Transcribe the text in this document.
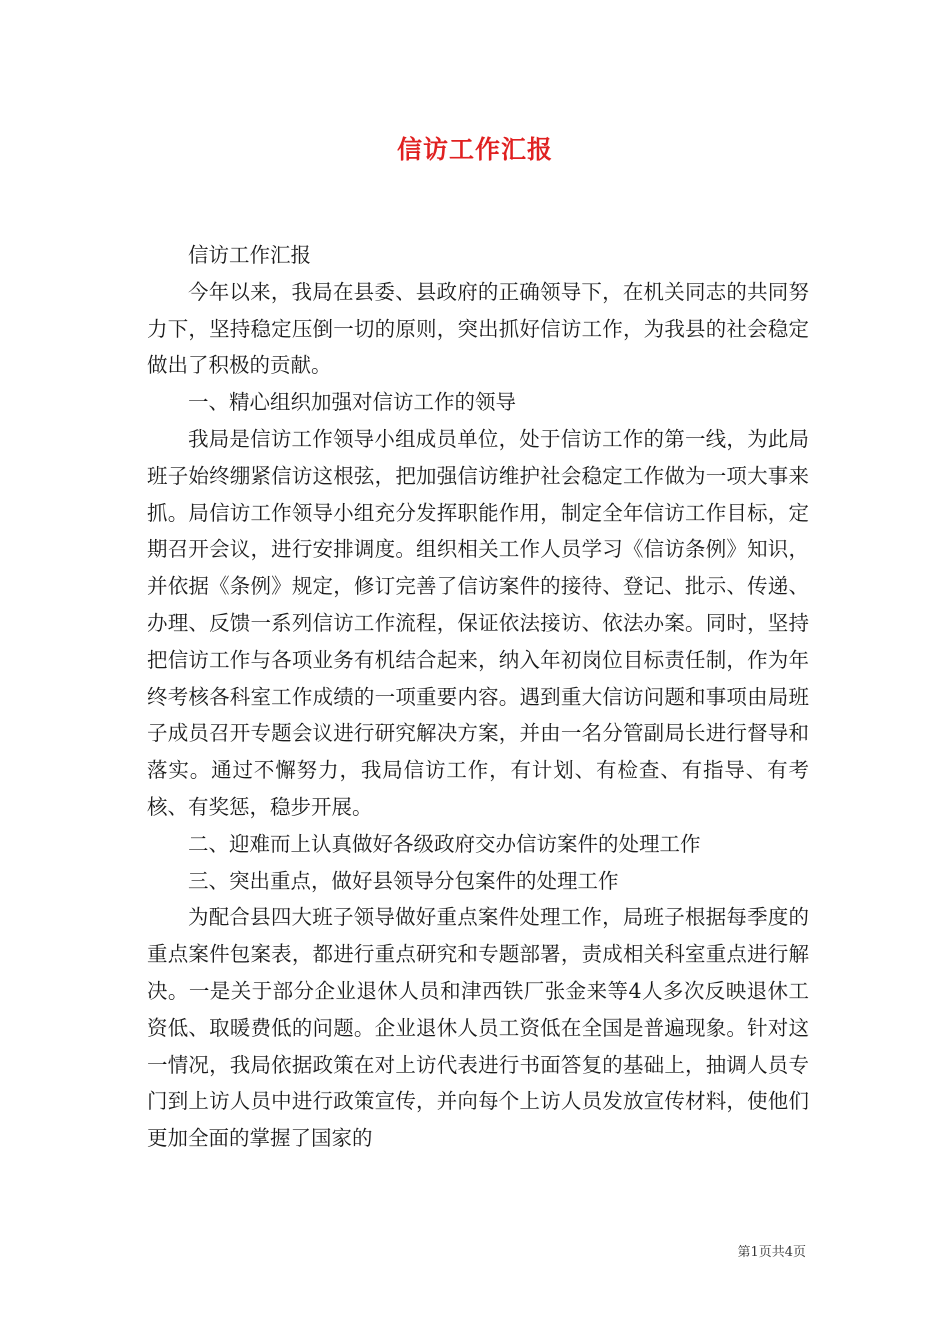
信访工作汇报

信访工作汇报

今年以来，我局在县委、县政府的正确领导下，在机关同志的共同努力下，坚持稳定压倒一切的原则，突出抓好信访工作，为我县的社会稳定做出了积极的贡献。

一、精心组织加强对信访工作的领导

我局是信访工作领导小组成员单位，处于信访工作的第一线，为此局班子始终绷紧信访这根弦，把加强信访维护社会稳定工作做为一项大事来抓。局信访工作领导小组充分发挥职能作用，制定全年信访工作目标，定期召开会议，进行安排调度。组织相关工作人员学习《信访条例》知识，并依据《条例》规定，修订完善了信访案件的接待、登记、批示、传递、办理、反馈一系列信访工作流程，保证依法接访、依法办案。同时，坚持把信访工作与各项业务有机结合起来，纳入年初岗位目标责任制，作为年终考核各科室工作成绩的一项重要内容。遇到重大信访问题和事项由局班子成员召开专题会议进行研究解决方案，并由一名分管副局长进行督导和落实。通过不懈努力，我局信访工作，有计划、有检查、有指导、有考核、有奖惩，稳步开展。

二、迎难而上认真做好各级政府交办信访案件的处理工作

三、突出重点，做好县领导分包案件的处理工作

为配合县四大班子领导做好重点案件处理工作，局班子根据每季度的重点案件包案表，都进行重点研究和专题部署，责成相关科室重点进行解决。一是关于部分企业退休人员和津西铁厂张金来等4人多次反映退休工资低、取暖费低的问题。企业退休人员工资低在全国是普遍现象。针对这一情况，我局依据政策在对上访代表进行书面答复的基础上，抽调人员专门到上访人员中进行政策宣传，并向每个上访人员发放宣传材料，使他们更加全面的掌握了国家的

第1页共4页
